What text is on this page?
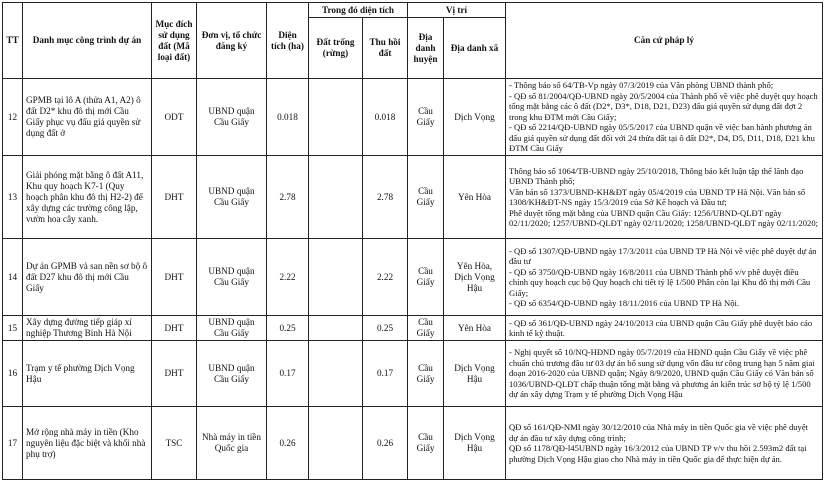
TT	Danh mục công trình dự án	Mục đích sử dụng đất (Mã loại đất)	Đơn vị, tổ chức đăng ký	Diện tích (ha)	Trong đó diện tích		Vị trí		Căn cứ pháp lý
					Đất trống (rừng)	Thu hồi đất	Địa danh huyện	Địa danh xã	
12	GPMB tại lô A (thửa A1, A2) ô đất D2* khu đô thị mới Cầu Giấy phục vụ đấu giá quyền sử dụng đất ở	ODT	UBND quận Cầu Giấy	0.018		0.018	Cầu Giấy	Dịch Vọng	- Thông báo số 64/TB-Vp ngày 07/3/2019 của Văn phòng UBND thành phố;
- QĐ số 81/2004/QĐ-UBND ngày 20/5/2004 của Thành phố về việc phê duyệt quy hoạch tổng mặt bằng các ô đất (D2*, D3*, D18, D21, D23) đấu giá quyền sử dụng đất đợt 2 trong khu ĐTM mới Cầu Giấy;
- QĐ số 2214/QĐ-UBND ngày 05/5/2017 của UBND quận về việc ban hành phương án đấu giá quyền sử dụng đất đối với 24 thửa đất tại ô đất D2*, D4, D5, D11, D18, D21 khu ĐTM Cầu Giấy

13	Giải phóng mặt bằng ô đất A11, Khu quy hoạch K7-1 (Quy hoạch phân khu đô thị H2-2) để xây dựng các trường công lập, vườn hoa cây xanh.	DHT	UBND quận Cầu Giấy	2.78		2.78	Cầu Giấy	Yên Hòa	Thông báo số 1064/TB-UBND ngày 25/10/2018, Thông báo kết luận tập thể lãnh đạo UBND Thành phố;
Văn bản số 1373/UBND-KH&ĐT ngày 05/4/2019 của UBND TP Hà Nội. Văn bản số 1308/KH&ĐT-NS ngày 15/3/2019 của Sở Kế hoạch và Đầu tư;
Phê duyệt tổng mặt bằng của UBND quận Cầu Giấy: 1256/UBND-QLĐT ngày 02/11/2020; 1257/UBND-QLĐT ngày 02/11/2020; 1258/UBND-QLĐT ngày 02/11/2020;

14	Dự án GPMB và san nền sơ bộ ô đất D27 khu đô thị mới Cầu Giấy	DHT	UBND quận Cầu Giấy	2.22		2.22	Cầu Giấy	Yên Hòa, Dịch Vọng Hậu	- QĐ số 1307/QĐ-UBND ngày 17/3/2011 của UBND TP Hà Nội về việc phê duyệt dự án đầu tư
- QĐ số 3750/QĐ-UBND ngày 16/8/2011 của UBND Thành phố v/v phê duyệt điều chỉnh quy hoạch cục bộ Quy hoạch chi tiết tỷ lệ 1/500 Phân còn lại Khu đô thị mới Cầu Giấy;
- QĐ số 6354/QĐ-UBND ngày 18/11/2016 của UBND TP Hà Nội.

15	Xây dựng đường tiếp giáp xí nghiệp Thương Binh Hà Nội	DHT	UBND quận Cầu Giấy	0.25		0.25	Cầu Giấy	Yên Hòa	- QĐ số 361/QĐ-UBND ngày 24/10/2013 của UBND quận Cầu Giấy phê duyệt báo cáo kinh tế kỹ thuật.

16	Trạm y tế phường Dịch Vọng Hậu	DHT	UBND quận Cầu Giấy	0.17		0.17	Cầu Giấy	Dịch Vọng Hậu	- Nghị quyết số 10/NQ-HĐND ngày 05/7/2019 của HĐND quận Cầu Giấy về việc phê chuẩn chủ trương đầu tư 03 dự án bổ sung sử dụng vốn đầu tư công trung hạn 5 năm giai đoạn 2016-2020 của UBND quận; Ngày 8/9/2020, UBND quận Cầu Giấy có Văn bản số 1036/UBND-QLĐT chấp thuận tổng mặt bằng và phương án kiến trúc sơ bộ tỷ lệ 1/500 dự án xây dựng Trạm y tế phường Dịch Vọng Hậu

17	Mở rộng nhà máy in tiền (Kho nguyên liệu đặc biệt và khối nhà phụ trợ)	TSC	Nhà máy in tiền Quốc gia	0.26		0.26	Cầu Giấy	Dịch Vọng Hậu	QĐ số 161/QĐ-NMI ngày 30/12/2010 của Nhà máy in tiền Quốc gia về việc phê duyệt dự án đầu tư xây dựng công trình;
QĐ số 1178/QĐ-l45UBND ngày 16/3/2012 của UBND TP v/v thu hồi 2.593m2 đất tại phường Dịch Vọng Hậu giao cho Nhà máy in tiền Quốc gia để thực hiện dự án.
